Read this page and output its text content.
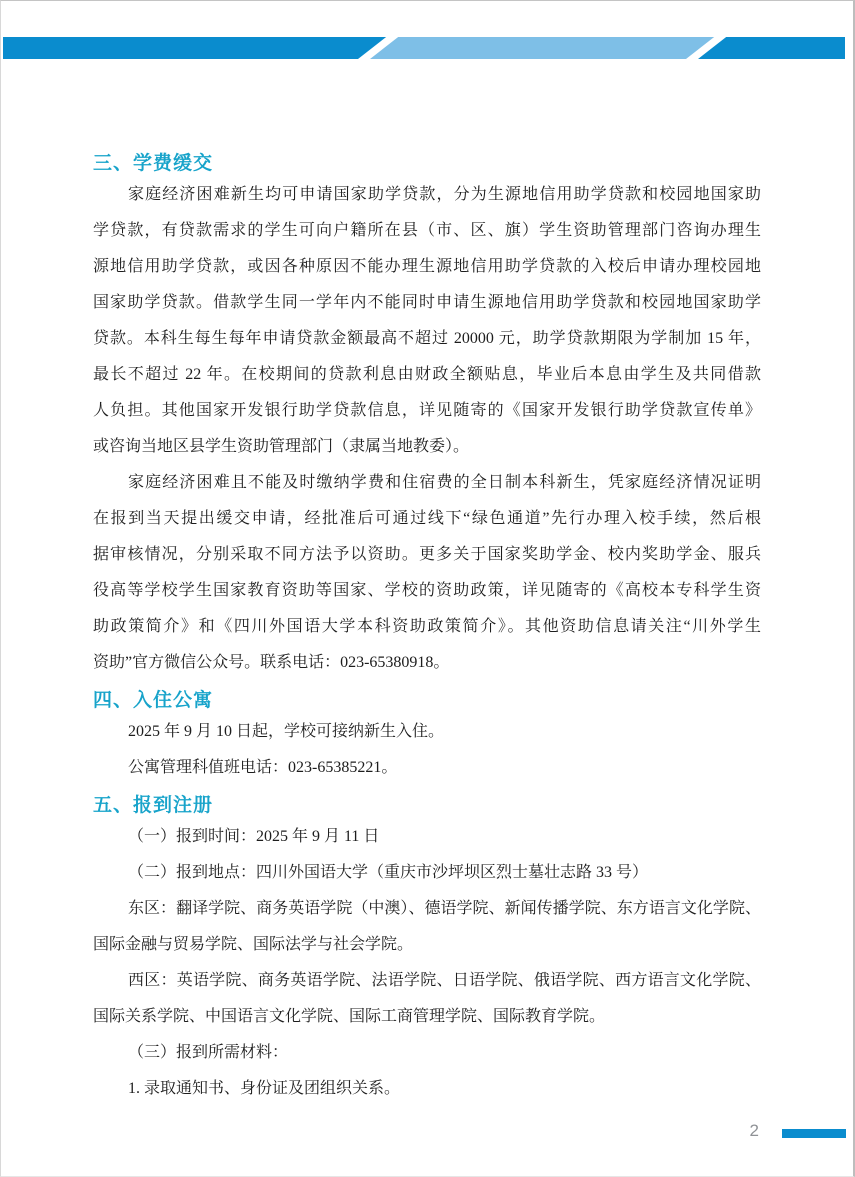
三、学费缓交
家庭经济困难新生均可申请国家助学贷款，分为生源地信用助学贷款和校园地国家助
学贷款，有贷款需求的学生可向户籍所在县（市、区、旗）学生资助管理部门咨询办理生
源地信用助学贷款，或因各种原因不能办理生源地信用助学贷款的入校后申请办理校园地
国家助学贷款。借款学生同一学年内不能同时申请生源地信用助学贷款和校园地国家助学
贷款。本科生每生每年申请贷款金额最高不超过 20000 元，助学贷款期限为学制加 15 年，
最长不超过 22 年。在校期间的贷款利息由财政全额贴息，毕业后本息由学生及共同借款
人负担。其他国家开发银行助学贷款信息，详见随寄的《国家开发银行助学贷款宣传单》
或咨询当地区县学生资助管理部门（隶属当地教委）。
家庭经济困难且不能及时缴纳学费和住宿费的全日制本科新生，凭家庭经济情况证明
在报到当天提出缓交申请，经批准后可通过线下“绿色通道”先行办理入校手续，然后根
据审核情况，分别采取不同方法予以资助。更多关于国家奖助学金、校内奖助学金、服兵
役高等学校学生国家教育资助等国家、学校的资助政策，详见随寄的《高校本专科学生资
助政策简介》和《四川外国语大学本科资助政策简介》。其他资助信息请关注“川外学生
资助”官方微信公众号。联系电话：023-65380918。
四、入住公寓
2025 年 9 月 10 日起，学校可接纳新生入住。
公寓管理科值班电话：023-65385221。
五、报到注册
（一）报到时间：2025 年 9 月 11 日
（二）报到地点：四川外国语大学（重庆市沙坪坝区烈士墓壮志路 33 号）
东区：翻译学院、商务英语学院（中澳）、德语学院、新闻传播学院、东方语言文化学院、
国际金融与贸易学院、国际法学与社会学院。
西区：英语学院、商务英语学院、法语学院、日语学院、俄语学院、西方语言文化学院、
国际关系学院、中国语言文化学院、国际工商管理学院、国际教育学院。
（三）报到所需材料：
1. 录取通知书、身份证及团组织关系。
2
